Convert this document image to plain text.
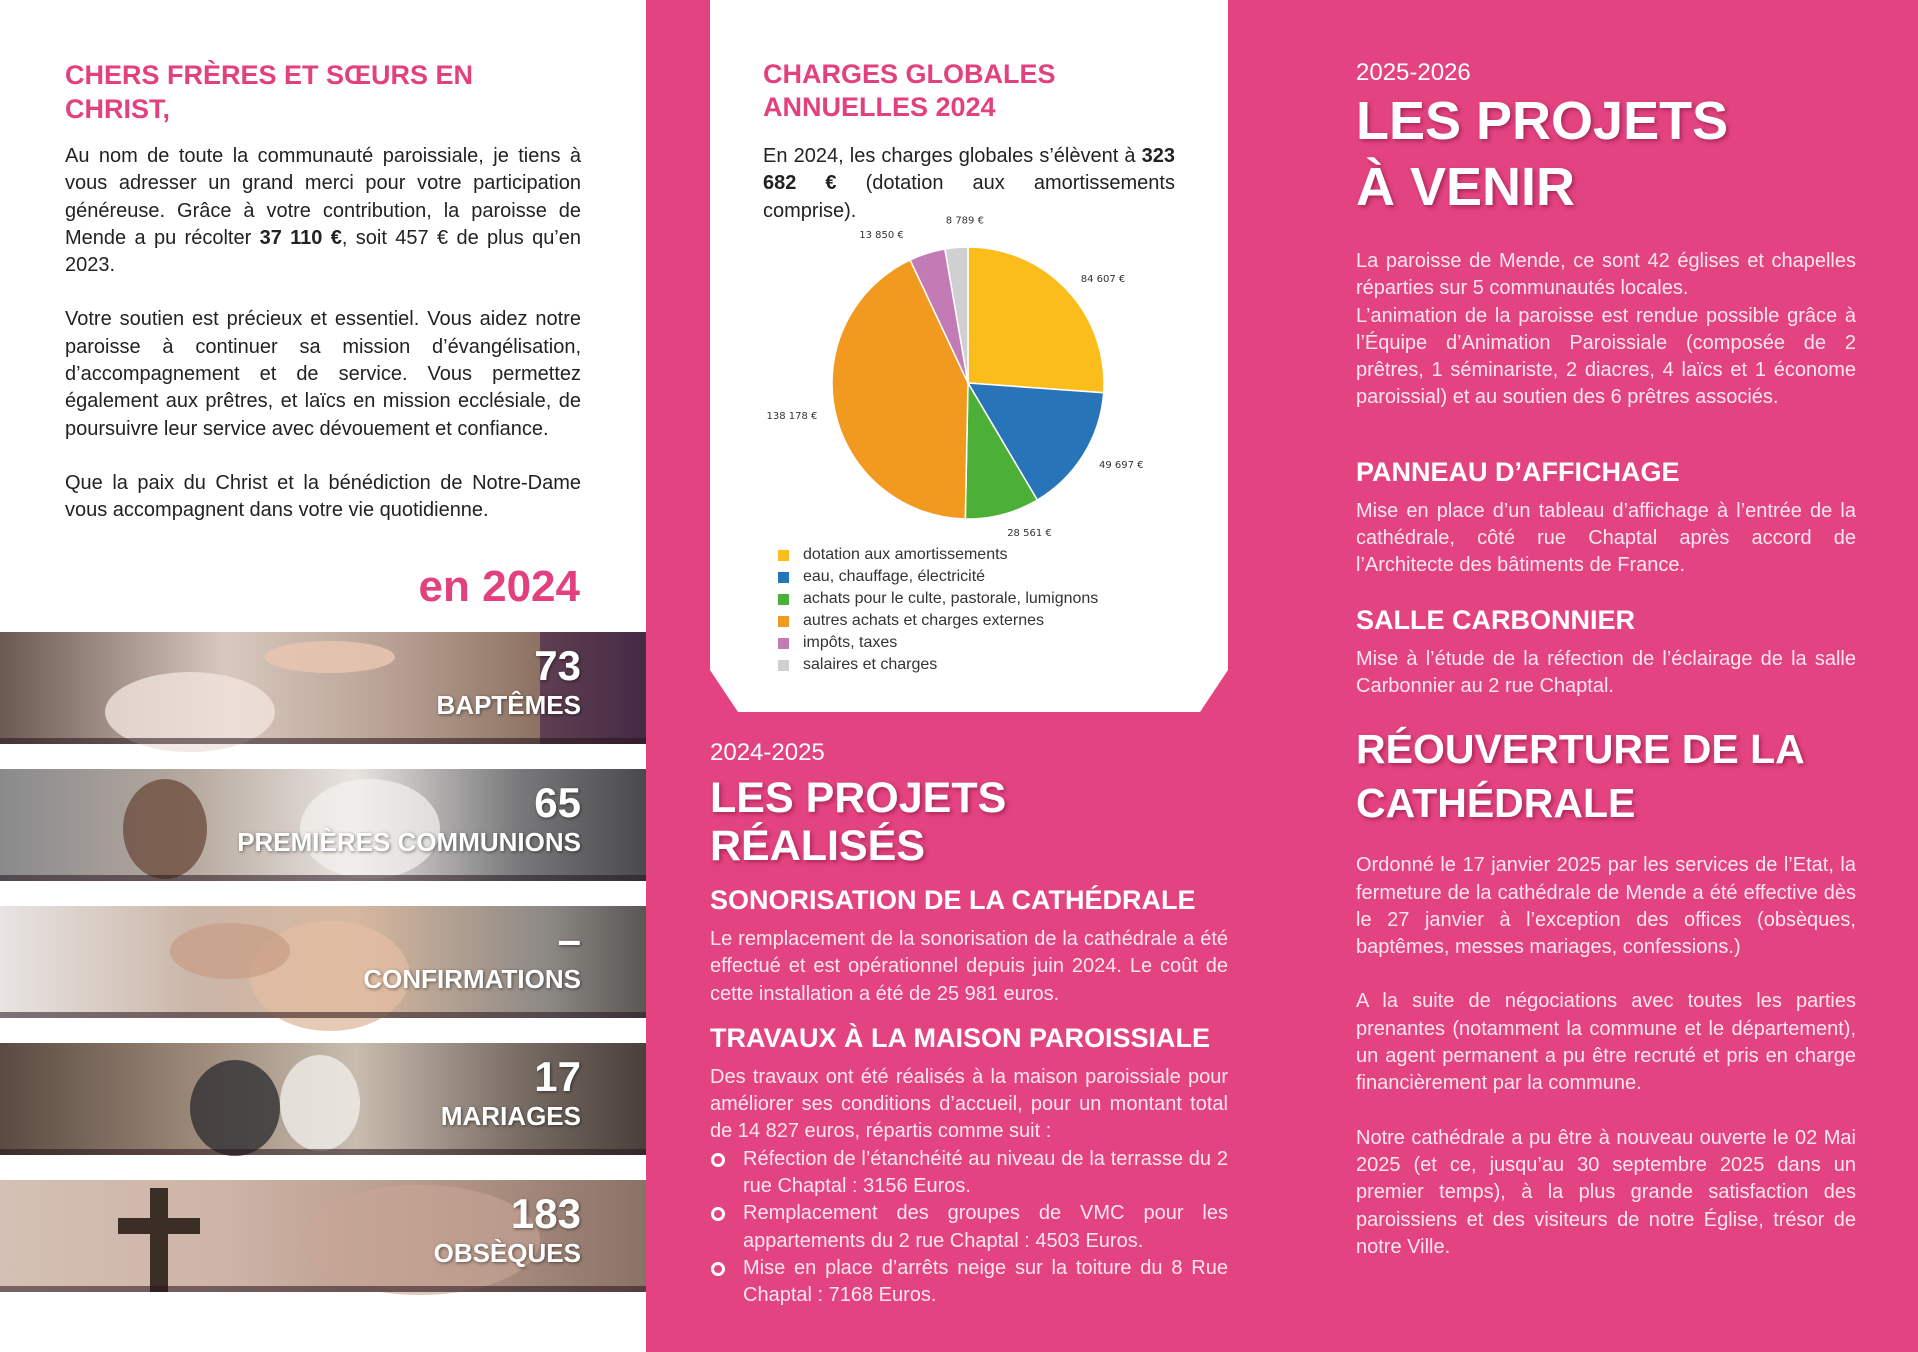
CHERS FRÈRES ET SŒURS EN CHRIST,

Au nom de toute la communauté paroissiale, je tiens à vous adresser un grand merci pour votre participation généreuse. Grâce à votre contribution, la paroisse de Mende a pu récolter 37 110 €, soit 457 € de plus qu’en 2023.

Votre soutien est précieux et essentiel. Vous aidez notre paroisse à continuer sa mission d’évangélisation, d’accompagnement et de service. Vous permettez également aux prêtres, et laïcs en mission ecclésiale, de poursuivre leur service avec dévouement et confiance.

Que la paix du Christ et la bénédiction de Notre-Dame vous accompagnent dans votre vie quotidienne.

en 2024
73
BAPTÊMES
65
PREMIÈRES COMMUNIONS
–
CONFIRMATIONS
17
MARIAGES
183
OBSÈQUES
CHARGES GLOBALES ANNUELLES 2024
En 2024, les charges globales s’élèvent à 323 682 € (dotation aux amortissements comprise).
84 607 €
49 697 €
28 561 €
138 178 €
13 850 €
8 789 €
dotation aux amortissements
eau, chauffage, électricité
achats pour le culte, pastorale, lumignons
autres achats et charges externes
impôts, taxes
salaires et charges
2024-2025
LES PROJETS RÉALISÉS
SONORISATION DE LA CATHÉDRALE

Le remplacement de la sonorisation de la cathédrale a été effectué et est opérationnel depuis juin 2024. Le coût de cette installation a été de 25 981 euros.

TRAVAUX À LA MAISON PAROISSIALE

Des travaux ont été réalisés à la maison paroissiale pour améliorer ses conditions d’accueil, pour un montant total de 14 827 euros, répartis comme suit :

Réfection de l’étanchéité au niveau de la terrasse du 2 rue Chaptal : 3156 Euros.
Remplacement des groupes de VMC pour les appartements du 2 rue Chaptal : 4503 Euros.
Mise en place d’arrêts neige sur la toiture du 8 Rue Chaptal : 7168 Euros.
2025-2026
LES PROJETS
À VENIR

La paroisse de Mende, ce sont 42 églises et chapelles réparties sur 5 communautés locales.
L’animation de la paroisse est rendue possible grâce à l’Équipe d’Animation Paroissiale (composée de 2 prêtres, 1 séminariste, 2 diacres, 4 laïcs et 1 économe paroissial) et au soutien des 6 prêtres associés.

PANNEAU D’AFFICHAGE

Mise en place d’un tableau d’affichage à l’entrée de la cathédrale, côté rue Chaptal après accord de l’Architecte des bâtiments de France.

SALLE CARBONNIER

Mise à l’étude de la réfection de l’éclairage de la salle Carbonnier au 2 rue Chaptal.

RÉOUVERTURE DE LA
CATHÉDRALE

Ordonné le 17 janvier 2025 par les services de l’Etat, la fermeture de la cathédrale de Mende a été effective dès le 27 janvier à l’exception des offices (obsèques, baptêmes, messes mariages, confessions.)

A la suite de négociations avec toutes les parties prenantes (notamment la commune et le département), un agent permanent a pu être recruté et pris en charge financièrement par la commune.

Notre cathédrale a pu être à nouveau ouverte le 02 Mai 2025 (et ce, jusqu’au 30 septembre 2025 dans un premier temps), à la plus grande satisfaction des paroissiens et des visiteurs de notre Église, trésor de notre Ville.
